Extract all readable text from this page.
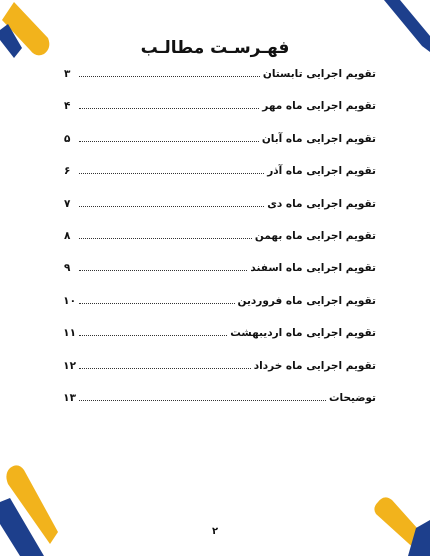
فهـرسـت مطالـب
تقویم اجرایی تابستان
۳
تقویم اجرایی ماه مهر
۴
تقویم اجرایی ماه آبان
۵
تقویم اجرایی ماه آذر
۶
تقویم اجرایی ماه دی
۷
تقویم اجرایی ماه بهمن
۸
تقویم اجرایی ماه اسفند
۹
تقویم اجرایی ماه فروردین
۱۰
تقویم اجرایی ماه اردیبهشت
۱۱
تقویم اجرایی ماه خرداد
۱۲
توضیحات
۱۳
۲
